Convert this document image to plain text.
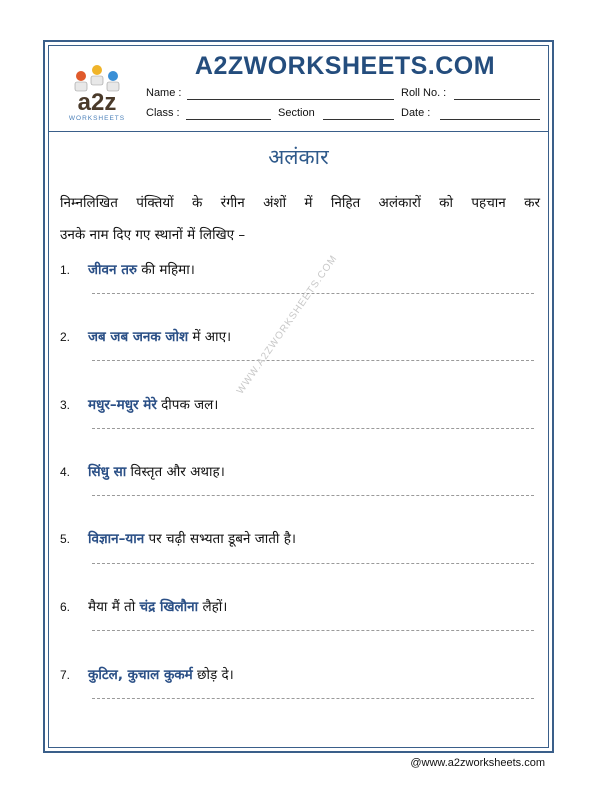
a2z
WORKSHEETS
A2ZWORKSHEETS.COM
Name :	Roll No. :
Class :	Section	Date :
अलंकार
निम्नलिखित पंक्तियों के रंगीन अंशों में निहित अलंकारों को पहचान कर
उनके नाम दिए गए स्थानों में लिखिए –
1. जीवन तरु की महिमा।
2. जब जब जनक जोश में आए।
3. मधुर–मधुर मेरे दीपक जल।
4. सिंधु सा विस्तृत और अथाह।
5. विज्ञान–यान पर चढ़ी सभ्यता डूबने जाती है।
6. मैया मैं तो चंद्र खिलौना लैहों।
7. कुटिल, कुचाल कुकर्म छोड़ दे।
WWW.A2ZWORKSHEETS.COM
@www.a2zworksheets.com
